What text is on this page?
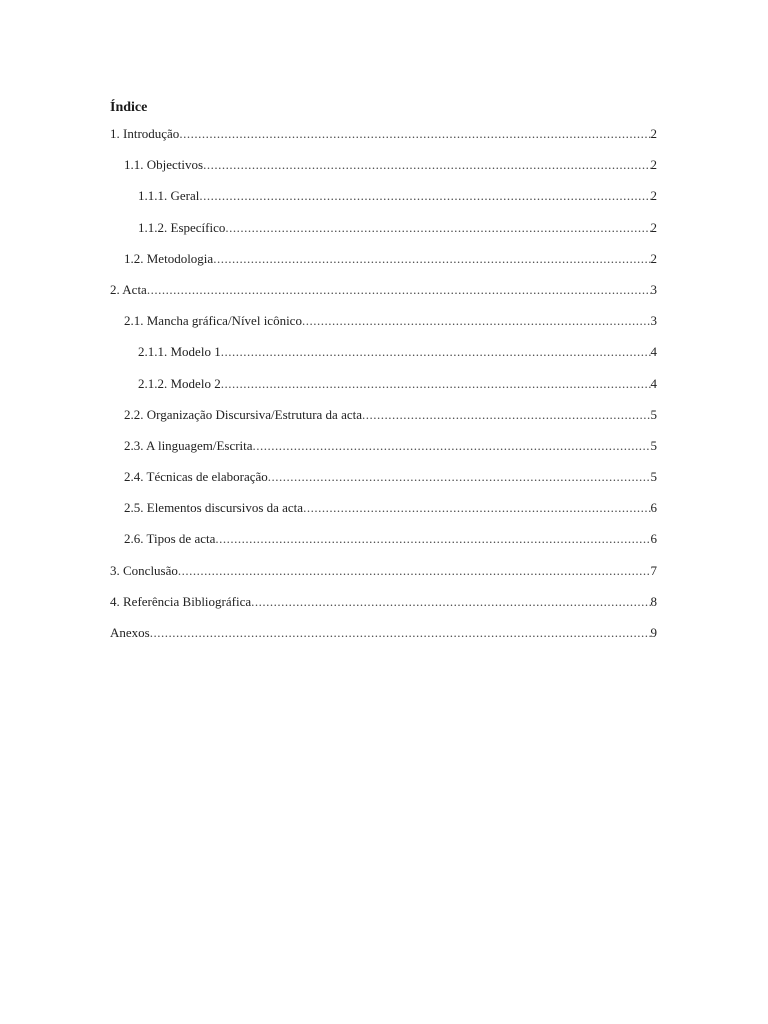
Índice
1. Introdução .....	2
1.1. Objectivos .....	2
1.1.1. Geral .....	2
1.1.2. Específico .....	2
1.2. Metodologia .....	2
2. Acta .....	3
2.1. Mancha gráfica/Nível icônico .....	3
2.1.1. Modelo 1 .....	4
2.1.2. Modelo 2 .....	4
2.2. Organização Discursiva/Estrutura da acta .....	5
2.3. A linguagem/Escrita .....	5
2.4. Técnicas de elaboração .....	5
2.5. Elementos discursivos da acta .....	6
2.6. Tipos de acta .....	6
3. Conclusão .....	7
4. Referência Bibliográfica .....	8
Anexos .....	9
